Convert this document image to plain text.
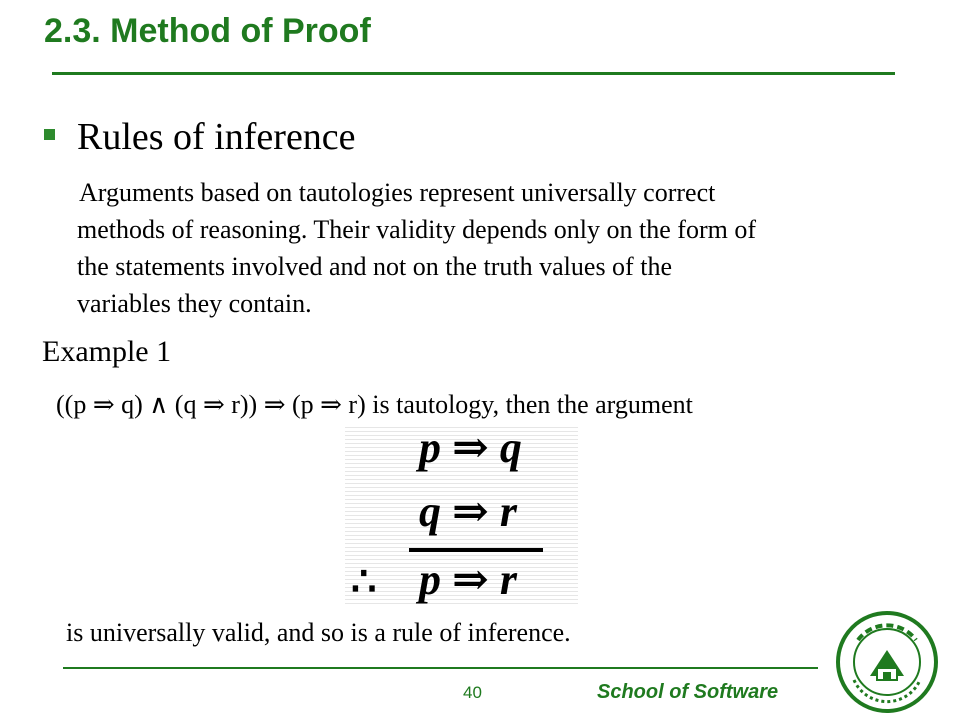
2.3. Method of Proof
Rules of inference
Arguments based on tautologies represent universally correct
methods of reasoning. Their validity depends only on the form of
the statements involved and not on the truth values of the
variables they contain.
Example 1
((p ⇒ q) ∧ (q ⇒ r)) ⇒ (p ⇒ r) is tautology, then the argument
p ⇒ q
q ⇒ r
∴ p ⇒ r
is universally valid, and so is a rule of inference.
40	School of Software
